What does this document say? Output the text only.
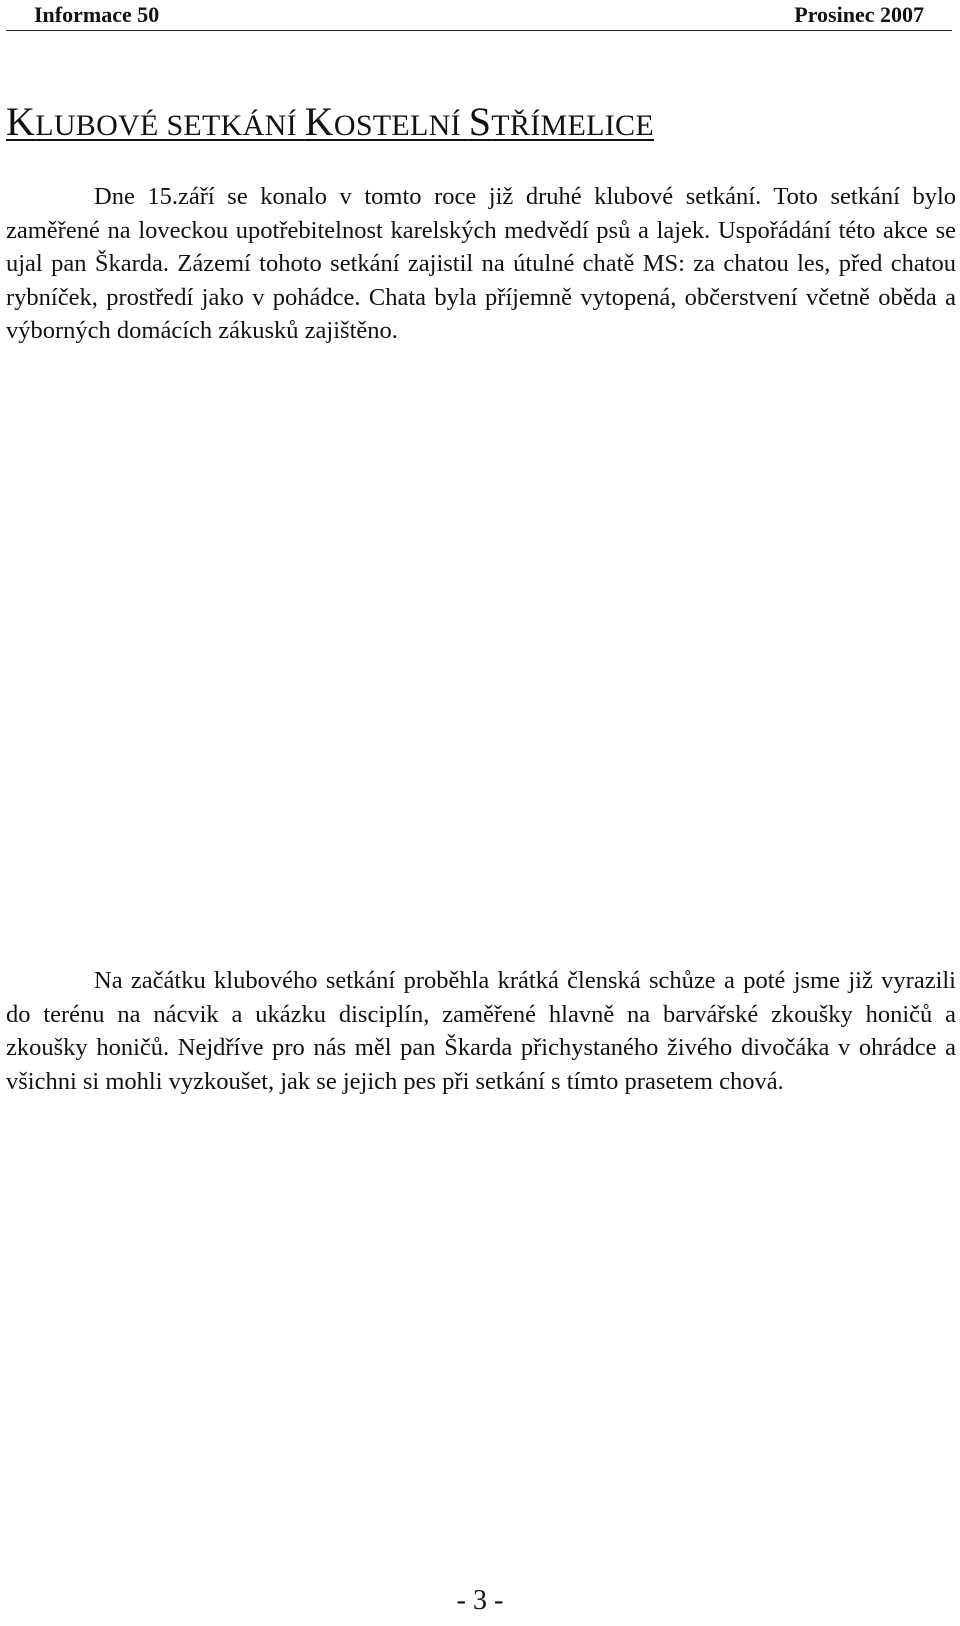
Informace 50	Prosinec 2007
KLUBOVÉ SETKÁNÍ KOSTELNÍ STŘÍMELICE

Dne 15.září se konalo v tomto roce již druhé klubové setkání. Toto setkání bylo zaměřené na loveckou upotřebitelnost karelských medvědí psů a lajek. Uspořádání této akce se ujal pan Škarda. Zázemí tohoto setkání zajistil na útulné chatě MS: za chatou les, před chatou rybníček, prostředí jako v pohádce. Chata byla příjemně vytopená, občerstvení včetně oběda a výborných domácích zákusků zajištěno.

Na začátku klubového setkání proběhla krátká členská schůze a poté jsme již vyrazili do terénu na nácvik a ukázku disciplín, zaměřené hlavně na barvářské zkoušky honičů a zkoušky honičů. Nejdříve pro nás měl pan Škarda přichystaného živého divočáka v ohrádce a všichni si mohli vyzkoušet, jak se jejich pes při setkání s tímto prasetem chová.

- 3 -
